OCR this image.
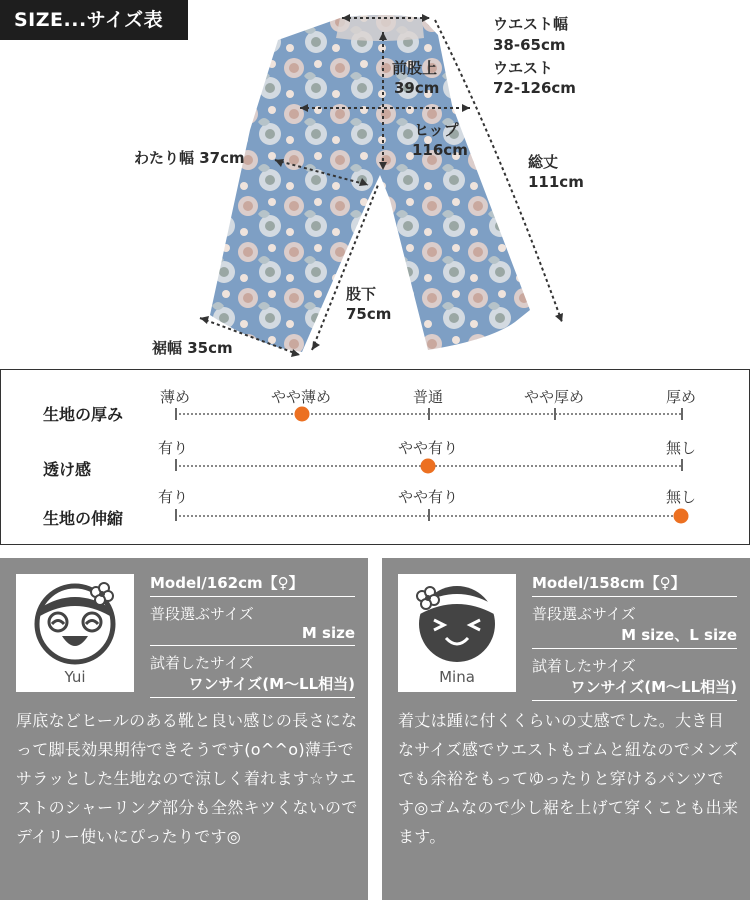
SIZE...サイズ表	ウエスト幅
38-65cm
ウエスト
72-126cm
前股上
39cm
ヒップ
116cm
総丈
111cm
わたり幅 37cm
股下
75cm
裾幅 35cm
生地の厚み
薄め	やや薄め	普通	やや厚め	厚め
透け感
有り	やや有り	無し
生地の伸縮
有り	やや有り	無し
Yui
Model/162cm【♀】
普段選ぶサイズ
M size
試着したサイズ
ワンサイズ(M〜LL相当)
厚底などヒールのある靴と良い感じの長さになって脚長効果期待できそうです(o^^o)薄手でサラッとした生地なので涼しく着れます☆ウエストのシャーリング部分も全然キツくないのでデイリー使いにぴったりです◎
Mina
Model/158cm【♀】
普段選ぶサイズ
M size、L size
試着したサイズ
ワンサイズ(M〜LL相当)
着丈は踵に付くくらいの丈感でした。大き目なサイズ感でウエストもゴムと紐なのでメンズでも余裕をもってゆったりと穿けるパンツです◎ゴムなので少し裾を上げて穿くことも出来ます。
